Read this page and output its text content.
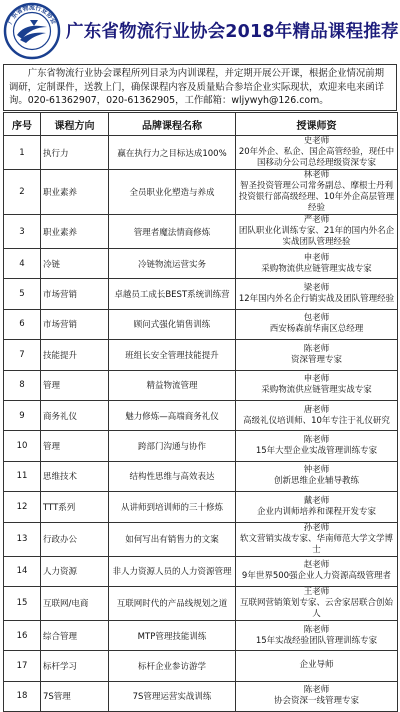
广东省物流行业协会
广东省物流行业协会2018年精品课程推荐
广东省物流行业协会课程所列目录为内训课程，并定期开展公开课，根据企业情况前期调研，定制课件，送教上门，确保课程内容及质量贴合参培企业实际现状，欢迎来电来函详询。020-61362907，020-61362905，工作邮箱：wljywyh@126.com。
序号	课程方向	品牌课程名称	授课师资
1	执行力	赢在执行力之目标达成100%	史老师
20年外企、私企、国企高管经验，现任中国移动分公司总经理级资深专家

2	职业素养	全员职业化塑造与养成	林老师
智圣投资管理公司常务副总、摩根士丹利投资银行部高级经理、10年外企高层管理经验

3	职业素养	管理者魔法情商修炼	严老师
团队职业化训练专家、21年的国内外名企实战团队管理经验

4	冷链	冷链物流运营实务	申老师
采购物流供应链管理实战专家

5	市场营销	卓越员工成长BEST系统训练营	梁老师
12年国内外名企行销实战及团队管理经验

6	市场营销	顾问式强化销售训练	包老师
西安杨森前华南区总经理

7	技能提升	班组长安全管理技能提升	陈老师
资深管理专家

8	管理	精益物流管理	申老师
采购物流供应链管理实战专家

9	商务礼仪	魅力修炼—高端商务礼仪	唐老师
高级礼仪培训师、10年专注于礼仪研究

10	管理	跨部门沟通与协作	陈老师
15年大型企业实战管理训练专家

11	思维技术	结构性思维与高效表达	钟老师
创新思维企业辅导教练

12	TTT系列	从讲师到培训师的三十修炼	戴老师
企业内训师培养和课程开发专家

13	行政办公	如何写出有销售力的文案	孙老师
软文营销实战专家、华南师范大学文学博士

14	人力资源	非人力资源人员的人力资源管理	赵老师
9年世界500强企业人力资源高级管理者

15	互联网/电商	互联网时代的产品线规划之道	王老师
互联网营销策划专家、云舍家居联合创始人

16	综合管理	MTP管理技能训练	陈老师
15年实战经验团队管理训练专家

17	标杆学习	标杆企业参访游学	企业导师

18	7S管理	7S管理运营实战训练	陈老师
协会资深一线管理专家
